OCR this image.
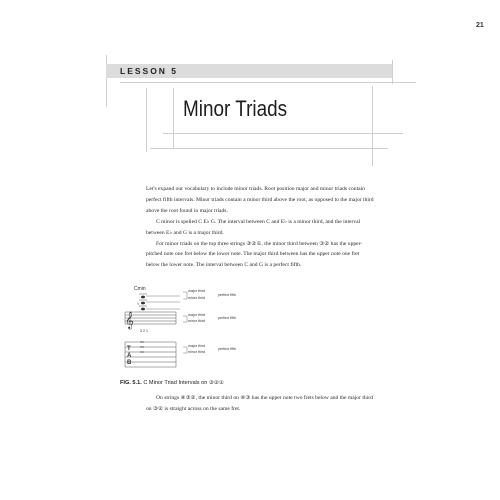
21
LESSON 5
Minor Triads

Let's expand our vocabulary to include minor triads. Root position major and minor triads contain perfect fifth intervals. Minor triads contain a minor third above the root, as opposed to the major third above the root found in major triads.

C minor is spelled C E♭ G. The interval between C and E♭ is a minor third, and the interval between E♭ and G is a major third.

For minor triads on the top three strings ③②①, the minor third between ③② has the upper-pitched note one fret below the lower note. The major third between has the upper note one fret below the lower note. The interval between C and G is a perfect fifth.

Cmin
𝄞
♭
3 2 1
T
A
B
major third
minor third
perfect fifth
major third
minor third
perfect fifth
major third
minor third
perfect fifth
FIG. 5.1. C Minor Triad Intervals on ③②①

On strings ④③②, the minor third on ④③ has the upper note two frets below and the major third on ③② is straight across on the same fret.
